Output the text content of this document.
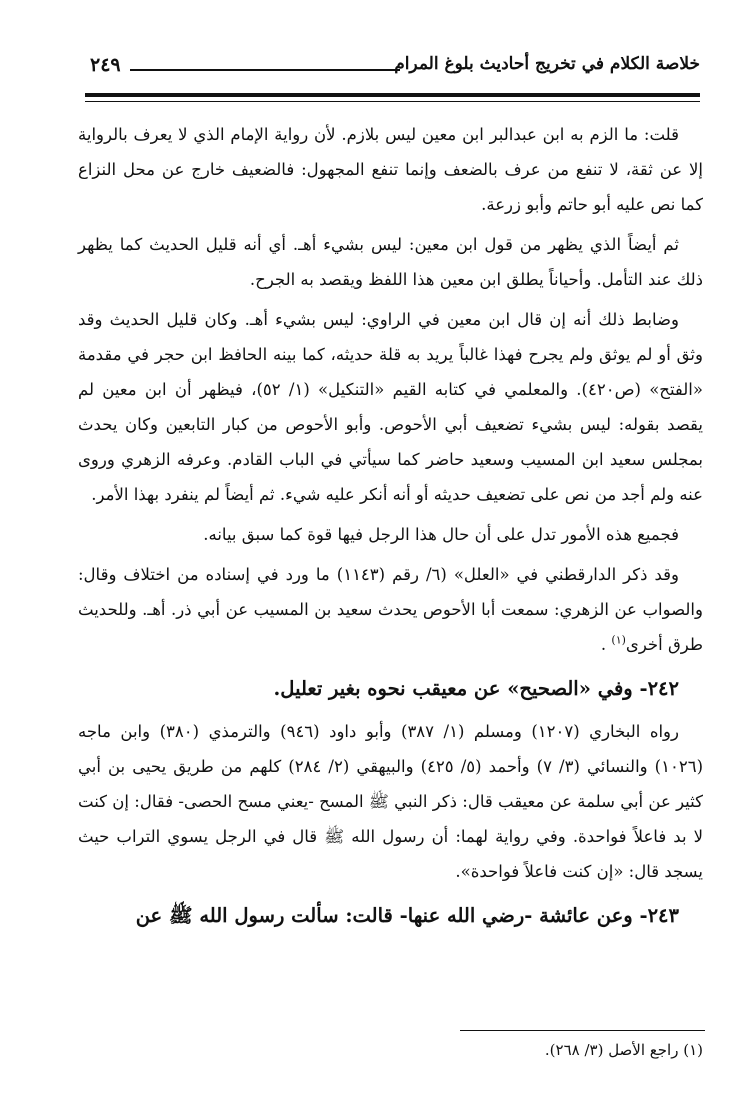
٢٤٩	خلاصة الكلام في تخريج أحاديث بلوغ المرام

قلت: ما الزم به ابن عبدالبر ابن معين ليس بلازم. لأن رواية الإمام الذي لا يعرف بالرواية إلا عن ثقة، لا تنفع من عرف بالضعف وإنما تنفع المجهول: فالضعيف خارج عن محل النزاع كما نص عليه أبو حاتم وأبو زرعة.

ثم أيضاً الذي يظهر من قول ابن معين: ليس بشيء أهـ. أي أنه قليل الحديث كما يظهر ذلك عند التأمل. وأحياناً يطلق ابن معين هذا اللفظ ويقصد به الجرح.

وضابط ذلك أنه إن قال ابن معين في الراوي: ليس بشيء أهـ. وكان قليل الحديث وقد وثق أو لم يوثق ولم يجرح فهذا غالباً يريد به قلة حديثه، كما بينه الحافظ ابن حجر في مقدمة «الفتح» (ص٤٢٠). والمعلمي في كتابه القيم «التنكيل» (١/ ٥٢)، فيظهر أن ابن معين لم يقصد بقوله: ليس بشيء تضعيف أبي الأحوص. وأبو الأحوص من كبار التابعين وكان يحدث بمجلس سعيد ابن المسيب وسعيد حاضر كما سيأتي في الباب القادم. وعرفه الزهري وروى عنه ولم أجد من نص على تضعيف حديثه أو أنه أنكر عليه شيء. ثم أيضاً لم ينفرد بهذا الأمر.

فجميع هذه الأمور تدل على أن حال هذا الرجل فيها قوة كما سبق بيانه.

وقد ذكر الدارقطني في «العلل» (٦/ رقم (١١٤٣) ما ورد في إسناده من اختلاف وقال: والصواب عن الزهري: سمعت أبا الأحوص يحدث سعيد بن المسيب عن أبي ذر. أهـ. وللحديث طرق أخرى$^{(١)}$ .

٢٤٢- وفي «الصحيح» عن معيقب نحوه بغير تعليل.

رواه البخاري (١٢٠٧) ومسلم (١/ ٣٨٧) وأبو داود (٩٤٦) والترمذي (٣٨٠) وابن ماجه (١٠٢٦) والنسائي (٣/ ٧) وأحمد (٥/ ٤٢٥) والبيهقي (٢/ ٢٨٤) كلهم من طريق يحيى بن أبي كثير عن أبي سلمة عن معيقب قال: ذكر النبي ﷺ المسح -يعني مسح الحصى- فقال: إن كنت لا بد فاعلاً فواحدة. وفي رواية لهما: أن رسول الله ﷺ قال في الرجل يسوي التراب حيث يسجد قال: «إن كنت فاعلاً فواحدة».

٢٤٣- وعن عائشة -رضي الله عنها- قالت: سألت رسول الله ﷺ عن

(١) راجع الأصل (٣/ ٢٦٨).
